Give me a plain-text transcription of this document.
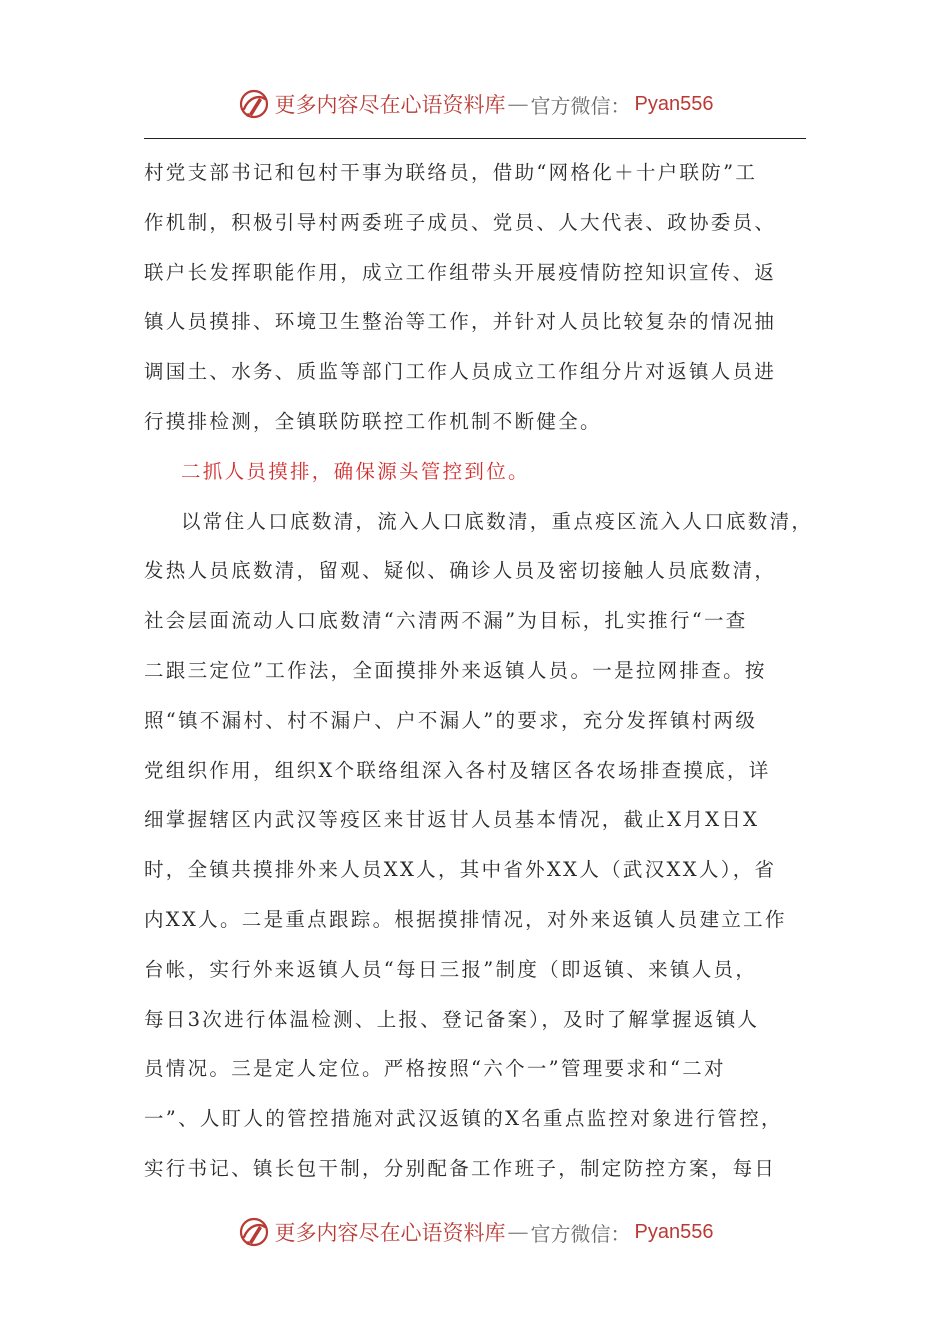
更多内容尽在心语资料库 — 官方微信： Pyan556
村党支部书记和包村干事为联络员，借助“网格化＋十户联防”工
作机制，积极引导村两委班子成员、党员、人大代表、政协委员、
联户长发挥职能作用，成立工作组带头开展疫情防控知识宣传、返
镇人员摸排、环境卫生整治等工作，并针对人员比较复杂的情况抽
调国土、水务、质监等部门工作人员成立工作组分片对返镇人员进
行摸排检测，全镇联防联控工作机制不断健全。
二抓人员摸排，确保源头管控到位。
以常住人口底数清，流入人口底数清，重点疫区流入人口底数清，
发热人员底数清，留观、疑似、确诊人员及密切接触人员底数清，
社会层面流动人口底数清“六清两不漏”为目标，扎实推行“一查
二跟三定位”工作法，全面摸排外来返镇人员。一是拉网排查。按
照“镇不漏村、村不漏户、户不漏人”的要求，充分发挥镇村两级
党组织作用，组织X个联络组深入各村及辖区各农场排查摸底，详
细掌握辖区内武汉等疫区来甘返甘人员基本情况，截止X月X日X
时，全镇共摸排外来人员XX人，其中省外XX人（武汉XX人），省
内XX人。二是重点跟踪。根据摸排情况，对外来返镇人员建立工作
台帐，实行外来返镇人员“每日三报”制度（即返镇、来镇人员，
每日3次进行体温检测、上报、登记备案），及时了解掌握返镇人
员情况。三是定人定位。严格按照“六个一”管理要求和“二对
一”、人盯人的管控措施对武汉返镇的X名重点监控对象进行管控，
实行书记、镇长包干制，分别配备工作班子，制定防控方案，每日
更多内容尽在心语资料库 — 官方微信： Pyan556
